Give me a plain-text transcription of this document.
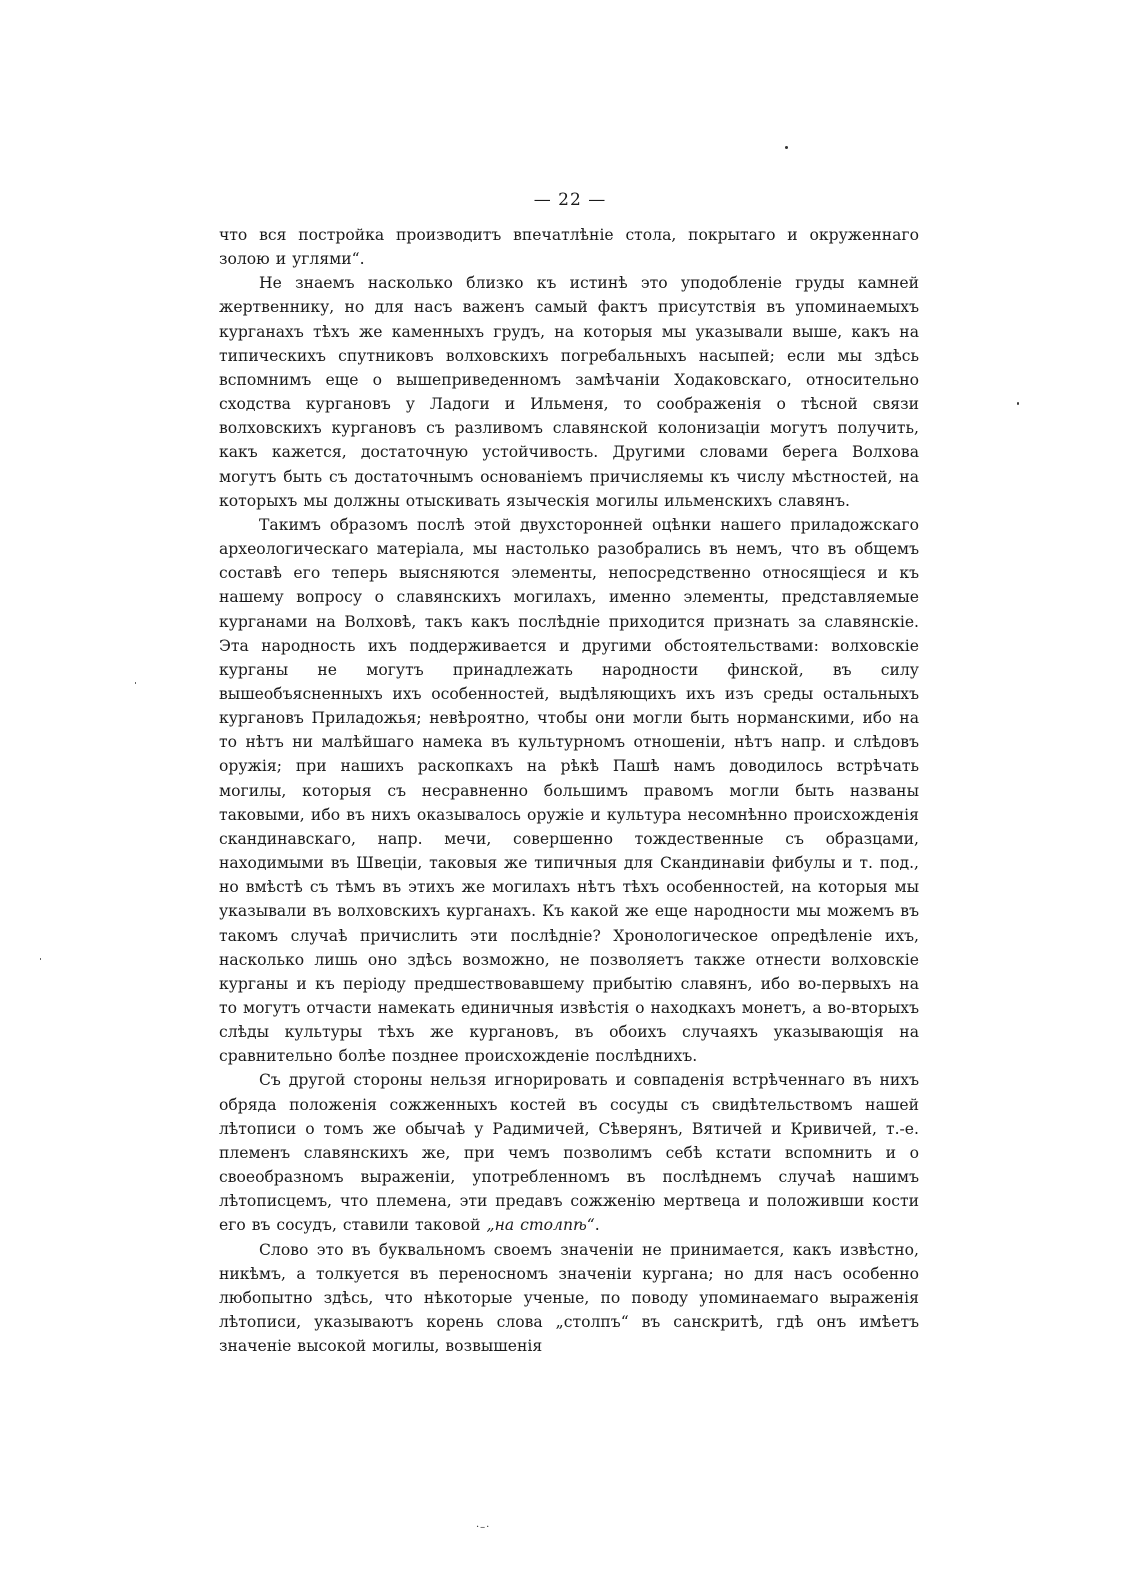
— 22 —

что вся постройка производитъ впечатлѣніе стола, покрытаго и окруженнаго золою и углями“.

Не знаемъ насколько близко къ истинѣ это уподобленіе груды камней жертвеннику, но для насъ важенъ самый фактъ присутствія въ упоминаемыхъ курганахъ тѣхъ же каменныхъ грудъ, на которыя мы указывали выше, какъ на типическихъ спутниковъ волховскихъ погребальныхъ насыпей; если мы здѣсь вспомнимъ еще о вышеприведенномъ замѣчаніи Ходаковскаго, относительно сходства кургановъ у Ладоги и Ильменя, то соображенія о тѣсной связи волховскихъ кургановъ съ разливомъ славянской колонизаціи могутъ получить, какъ кажется, достаточную устойчивость. Другими словами берега Волхова могутъ быть съ достаточнымъ основаніемъ причисляемы къ числу мѣстностей, на которыхъ мы должны отыскивать языческія могилы ильменскихъ славянъ.

Такимъ образомъ послѣ этой двухсторонней оцѣнки нашего приладожскаго археологическаго матеріала, мы настолько разобрались въ немъ, что въ общемъ составѣ его теперь выясняются элементы, непосредственно относящіеся и къ нашему вопросу о славянскихъ могилахъ, именно элементы, представляемые курганами на Волховѣ, такъ какъ послѣдніе приходится признать за славянскіе. Эта народность ихъ поддерживается и другими обстоятельствами: волховскіе курганы не могутъ принадлежать народности финской, въ силу вышеобъясненныхъ ихъ особенностей, выдѣляющихъ ихъ изъ среды остальныхъ кургановъ Приладожья; невѣроятно, чтобы они могли быть норманскими, ибо на то нѣтъ ни малѣйшаго намека въ культурномъ отношеніи, нѣтъ напр. и слѣдовъ оружія; при нашихъ раскопкахъ на рѣкѣ Пашѣ намъ доводилось встрѣчать могилы, которыя съ несравненно большимъ правомъ могли быть названы таковыми, ибо въ нихъ оказывалось оружіе и культура несомнѣнно происхожденія скандинавскаго, напр. мечи, совершенно тождественные съ образцами, находимыми въ Швеціи, таковыя же типичныя для Скандинавіи фибулы и т. под., но вмѣстѣ съ тѣмъ въ этихъ же могилахъ нѣтъ тѣхъ особенностей, на которыя мы указывали въ волховскихъ курганахъ. Къ какой же еще народности мы можемъ въ такомъ случаѣ причислить эти послѣдніе? Хронологическое опредѣленіе ихъ, насколько лишь оно здѣсь возможно, не позволяетъ также отнести волховскіе курганы и къ періоду предшествовавшему прибытію славянъ, ибо во-первыхъ на то могутъ отчасти намекать единичныя извѣстія о находкахъ монетъ, а во-вторыхъ слѣды культуры тѣхъ же кургановъ, въ обоихъ случаяхъ указывающія на сравнительно болѣе позднее происхожденіе послѣднихъ.

Съ другой стороны нельзя игнорировать и совпаденія встрѣченнаго въ нихъ обряда положенія сожженныхъ костей въ сосуды съ свидѣтельствомъ нашей лѣтописи о томъ же обычаѣ у Радимичей, Сѣверянъ, Вятичей и Кривичей, т.-е. племенъ славянскихъ же, при чемъ позволимъ себѣ кстати вспомнить и о своеобразномъ выраженіи, употребленномъ въ послѣднемъ случаѣ нашимъ лѣтописцемъ, что племена, эти предавъ сожженію мертвеца и положивши кости его въ сосудъ, ставили таковой „на столпѣ“.

Слово это въ буквальномъ своемъ значеніи не принимается, какъ извѣстно, никѣмъ, а толкуется въ переносномъ значеніи кургана; но для насъ особенно любопытно здѣсь, что нѣкоторые ученые, по поводу упоминаемаго выраженія лѣтописи, указываютъ корень слова „столпъ“ въ санскритѣ, гдѣ онъ имѣетъ значеніе высокой могилы, возвышенія

·–·
